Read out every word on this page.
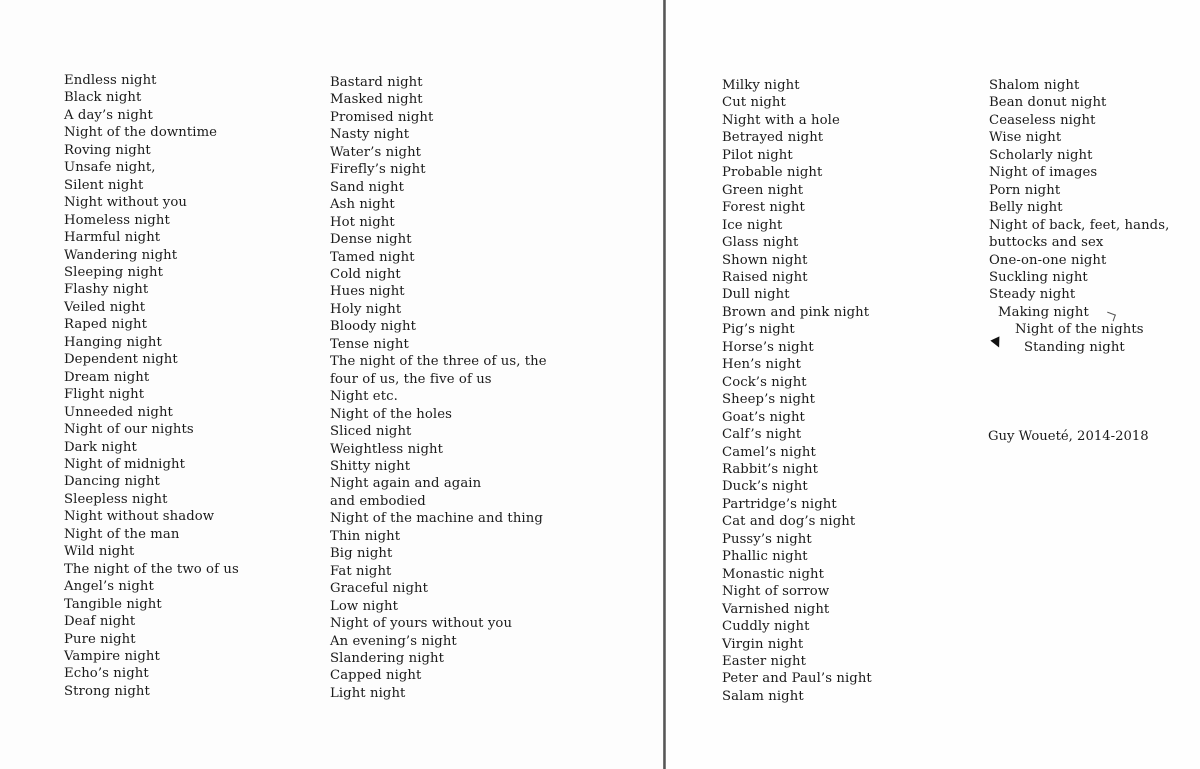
Endless night
Black night
A day’s night
Night of the downtime
Roving night
Unsafe night,
Silent night
Night without you
Homeless night
Harmful night
Wandering night
Sleeping night
Flashy night
Veiled night
Raped night
Hanging night
Dependent night
Dream night
Flight night
Unneeded night
Night of our nights
Dark night
Night of midnight
Dancing night
Sleepless night
Night without shadow
Night of the man
Wild night
The night of the two of us
Angel’s night
Tangible night
Deaf night
Pure night
Vampire night
Echo’s night
Strong night
Bastard night
Masked night
Promised night
Nasty night
Water’s night
Firefly’s night
Sand night
Ash night
Hot night
Dense night
Tamed night
Cold night
Hues night
Holy night
Bloody night
Tense night
The night of the three of us, the
four of us, the five of us
Night etc.
Night of the holes
Sliced night
Weightless night
Shitty night
Night again and again
and embodied
Night of the machine and thing
Thin night
Big night
Fat night
Graceful night
Low night
Night of yours without you
An evening’s night
Slandering night
Capped night
Light night
Milky night
Cut night
Night with a hole
Betrayed night
Pilot night
Probable night
Green night
Forest night
Ice night
Glass night
Shown night
Raised night
Dull night
Brown and pink night
Pig’s night
Horse’s night
Hen’s night
Cock’s night
Sheep’s night
Goat’s night
Calf’s night
Camel’s night
Rabbit’s night
Duck’s night
Partridge’s night
Cat and dog’s night
Pussy’s night
Phallic night
Monastic night
Night of sorrow
Varnished night
Cuddly night
Virgin night
Easter night
Peter and Paul’s night
Salam night
Shalom night
Bean donut night
Ceaseless night
Wise night
Scholarly night
Night of images
Porn night
Belly night
Night of back, feet, hands,
buttocks and sex
One-on-one night
Suckling night
Steady night
Making night
Night of the nights
Standing night
Guy Woueté, 2014-2018
